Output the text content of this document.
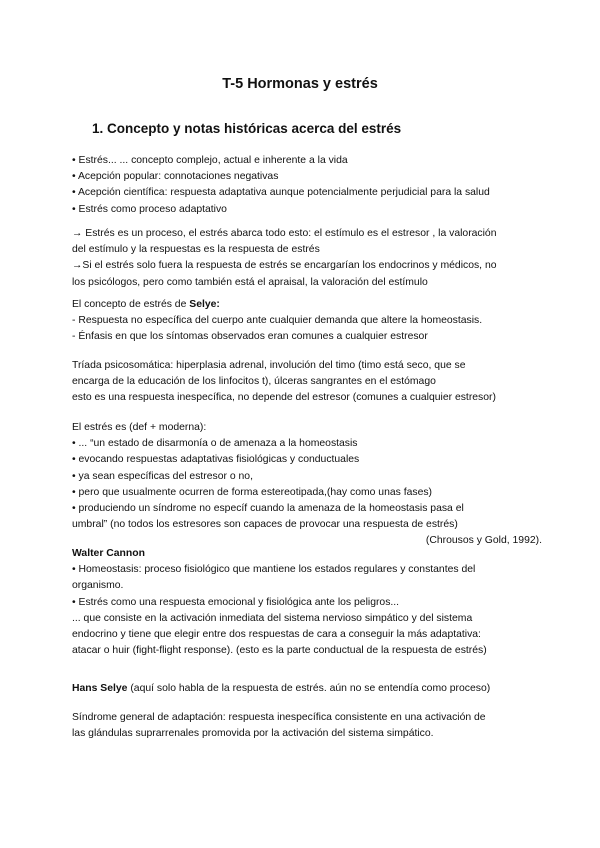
T-5 Hormonas y estrés
1. Concepto y notas históricas acerca del estrés

• Estrés... ... concepto complejo, actual e inherente a la vida

• Acepción popular: connotaciones negativas

• Acepción científica: respuesta adaptativa aunque potencialmente perjudicial para la salud

• Estrés como proceso adaptativo

→ Estrés es un proceso, el estrés abarca todo esto: el estímulo es el estresor , la valoración

del estímulo y la respuestas es la respuesta de estrés

→Si el estrés solo fuera la respuesta de estrés se encargarían los endocrinos y médicos, no

los psicólogos, pero como también está el apraisal, la valoración del estímulo

El concepto de estrés de Selye:

- Respuesta no específica del cuerpo ante cualquier demanda que altere la homeostasis.

- Énfasis en que los síntomas observados eran comunes a cualquier estresor

Tríada psicosomática: hiperplasia adrenal, involución del timo (timo está seco, que se

encarga de la educación de los linfocitos t), úlceras sangrantes en el estómago

esto es una respuesta inespecífica, no depende del estresor (comunes a cualquier estresor)

El estrés es (def + moderna):

• ... “un estado de disarmonía o de amenaza a la homeostasis

• evocando respuestas adaptativas fisiológicas y conductuales

• ya sean específicas del estresor o no,

• pero que usualmente ocurren de forma estereotipada,(hay como unas fases)

• produciendo un síndrome no específ cuando la amenaza de la homeostasis pasa el

umbral” (no todos los estresores son capaces de provocar una respuesta de estrés)

(Chrousos y Gold, 1992).

Walter Cannon

• Homeostasis: proceso fisiológico que mantiene los estados regulares y constantes del

organismo.

• Estrés como una respuesta emocional y fisiológica ante los peligros...

... que consiste en la activación inmediata del sistema nervioso simpático y del sistema

endocrino y tiene que elegir entre dos respuestas de cara a conseguir la más adaptativa:

atacar o huir (fight-flight response). (esto es la parte conductual de la respuesta de estrés)

Hans Selye (aquí solo habla de la respuesta de estrés. aún no se entendía como proceso)

Síndrome general de adaptación: respuesta inespecífica consistente en una activación de

las glándulas suprarrenales promovida por la activación del sistema simpático.
